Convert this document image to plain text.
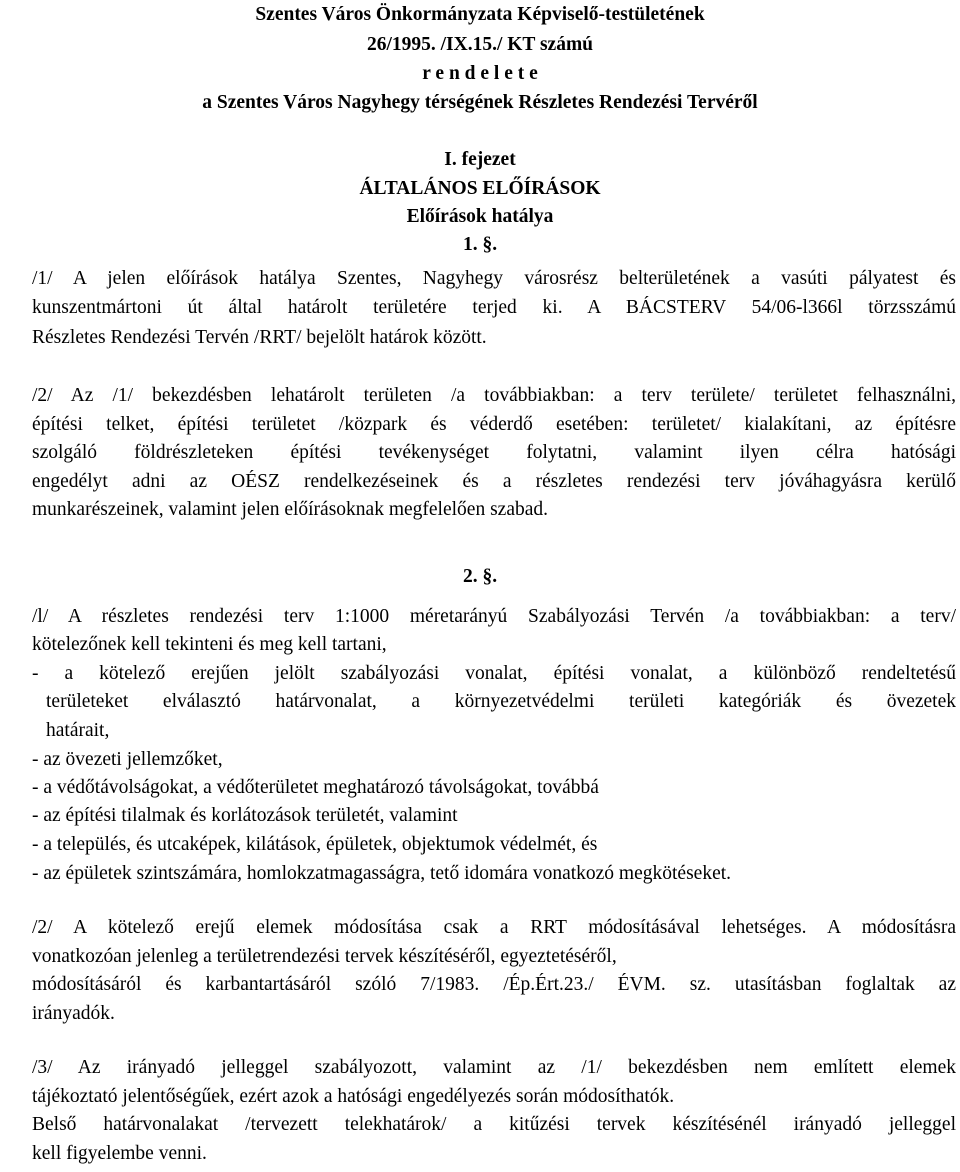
Szentes Város Önkormányzata Képviselő-testületének
26/1995. /IX.15./ KT számú
r e n d e l e t e
a Szentes Város Nagyhegy térségének Részletes Rendezési Tervéről
I. fejezet
ÁLTALÁNOS ELŐÍRÁSOK
Előírások hatálya
1. §.
/1/ A jelen előírások hatálya Szentes, Nagyhegy városrész belterületének a vasúti pályatest és
kunszentmártoni út által határolt területére terjed ki. A BÁCSTERV 54/06-l366l törzsszámú
Részletes Rendezési Tervén /RRT/ bejelölt határok között.
/2/ Az /1/ bekezdésben lehatárolt területen /a továbbiakban: a terv területe/ területet felhasználni,
építési telket, építési területet /közpark és véderdő esetében: területet/ kialakítani, az építésre
szolgáló földrészleteken építési tevékenységet folytatni, valamint ilyen célra hatósági
engedélyt adni az OÉSZ rendelkezéseinek és a részletes rendezési terv jóváhagyásra kerülő
munkarészeinek, valamint jelen előírásoknak megfelelően szabad.
2. §.
/l/ A részletes rendezési terv 1:1000 méretarányú Szabályozási Tervén /a továbbiakban: a terv/
kötelezőnek kell tekinteni és meg kell tartani,
- a kötelező erejűen jelölt szabályozási vonalat, építési vonalat, a különböző rendeltetésű
területeket elválasztó határvonalat, a környezetvédelmi területi kategóriák és övezetek
határait,
- az övezeti jellemzőket,
- a védőtávolságokat, a védőterületet meghatározó távolságokat, továbbá
- az építési tilalmak és korlátozások területét, valamint
- a település, és utcaképek, kilátások, épületek, objektumok védelmét, és
- az épületek szintszámára, homlokzatmagasságra, tető idomára vonatkozó megkötéseket.
/2/ A kötelező erejű elemek módosítása csak a RRT módosításával lehetséges. A módosításra
vonatkozóan jelenleg a területrendezési tervek készítéséről, egyeztetéséről,
módosításáról és karbantartásáról szóló 7/1983. /Ép.Ért.23./ ÉVM. sz. utasításban foglaltak az
irányadók.
/3/ Az irányadó jelleggel szabályozott, valamint az /1/ bekezdésben nem említett elemek
tájékoztató jelentőségűek, ezért azok a hatósági engedélyezés során módosíthatók.
Belső határvonalakat /tervezett telekhatárok/ a kitűzési tervek készítésénél irányadó jelleggel
kell figyelembe venni.
